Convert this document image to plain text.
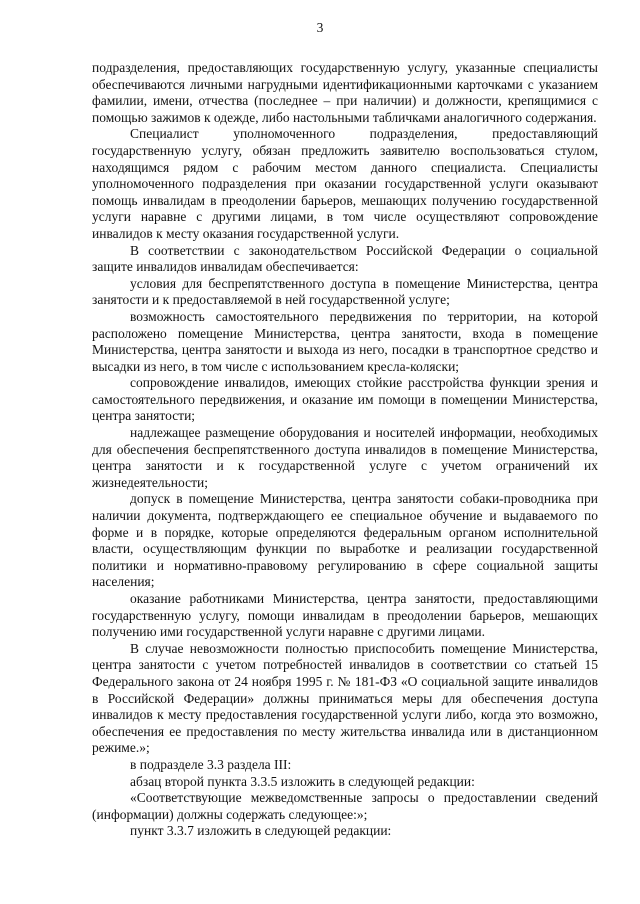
3

подразделения, предоставляющих государственную услугу, указанные специалисты обеспечиваются личными нагрудными идентификационными карточками с указанием фамилии, имени, отчества (последнее – при наличии) и должности, крепящимися с помощью зажимов к одежде, либо настольными табличками аналогичного содержания.

Специалист уполномоченного подразделения, предоставляющий государственную услугу, обязан предложить заявителю воспользоваться стулом, находящимся рядом с рабочим местом данного специалиста. Специалисты уполномоченного подразделения при оказании государственной услуги оказывают помощь инвалидам в преодолении барьеров, мешающих получению государственной услуги наравне с другими лицами, в том числе осуществляют сопровождение инвалидов к месту оказания государственной услуги.

В соответствии с законодательством Российской Федерации о социальной защите инвалидов инвалидам обеспечивается:

условия для беспрепятственного доступа в помещение Министерства, центра занятости и к предоставляемой в ней государственной услуге;

возможность самостоятельного передвижения по территории, на которой расположено помещение Министерства, центра занятости, входа в помещение Министерства, центра занятости и выхода из него, посадки в транспортное средство и высадки из него, в том числе с использованием кресла-коляски;

сопровождение инвалидов, имеющих стойкие расстройства функции зрения и самостоятельного передвижения, и оказание им помощи в помещении Министерства, центра занятости;

надлежащее размещение оборудования и носителей информации, необходимых для обеспечения беспрепятственного доступа инвалидов в помещение Министерства, центра занятости и к государственной услуге с учетом ограничений их жизнедеятельности;

допуск в помещение Министерства, центра занятости собаки-проводника при наличии документа, подтверждающего ее специальное обучение и выдаваемого по форме и в порядке, которые определяются федеральным органом исполнительной власти, осуществляющим функции по выработке и реализации государственной политики и нормативно-правовому регулированию в сфере социальной защиты населения;

оказание работниками Министерства, центра занятости, предоставляющими государственную услугу, помощи инвалидам в преодолении барьеров, мешающих получению ими государственной услуги наравне с другими лицами.

В случае невозможности полностью приспособить помещение Министерства, центра занятости с учетом потребностей инвалидов в соответствии со статьей 15 Федерального закона от 24 ноября 1995 г. № 181-ФЗ «О социальной защите инвалидов в Российской Федерации» должны приниматься меры для обеспечения доступа инвалидов к месту предоставления государственной услуги либо, когда это возможно, обеспечения ее предоставления по месту жительства инвалида или в дистанционном режиме.»;

в подразделе 3.3 раздела III:

абзац второй пункта 3.3.5 изложить в следующей редакции:

«Соответствующие межведомственные запросы о предоставлении сведений (информации) должны содержать следующее:»;

пункт 3.3.7 изложить в следующей редакции:
